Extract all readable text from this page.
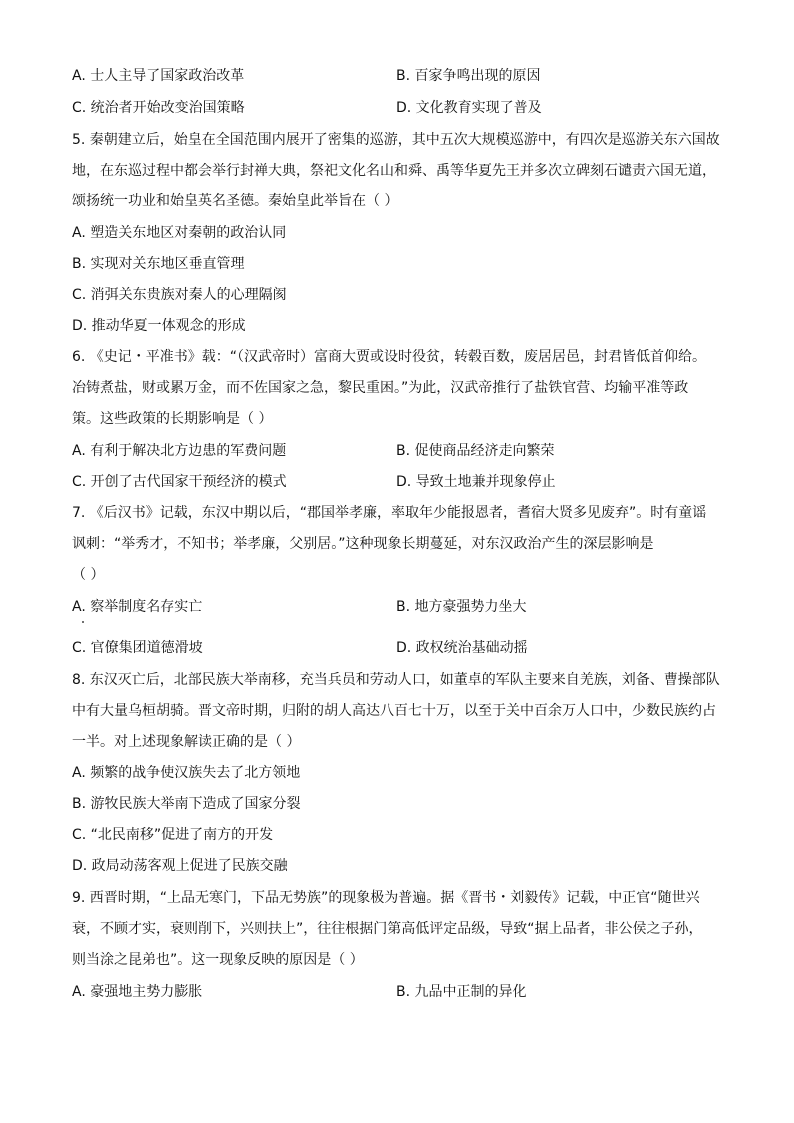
A. 士人主导了国家政治改革	B. 百家争鸣出现的原因
C. 统治者开始改变治国策略	D. 文化教育实现了普及
5. 秦朝建立后，始皇在全国范围内展开了密集的巡游，其中五次大规模巡游中，有四次是巡游关东六国故
地，在东巡过程中都会举行封禅大典，祭祀文化名山和舜、禹等华夏先王并多次立碑刻石谴责六国无道，
颂扬统一功业和始皇英名圣德。秦始皇此举旨在（ ）
A. 塑造关东地区对秦朝的政治认同
B. 实现对关东地区垂直管理
C. 消弭关东贵族对秦人的心理隔阂
D. 推动华夏一体观念的形成
6. 《史记・平准书》载：“（汉武帝时）富商大贾或设时役贫，转毂百数，废居居邑，封君皆低首仰给。
冶铸煮盐，财或累万金，而不佐国家之急，黎民重困。”为此，汉武帝推行了盐铁官营、均输平准等政
策。这些政策的长期影响是（ ）
A. 有利于解决北方边患的军费问题	B. 促使商品经济走向繁荣
C. 开创了古代国家干预经济的模式	D. 导致土地兼并现象停止
7. 《后汉书》记载，东汉中期以后，“郡国举孝廉，率取年少能报恩者，耆宿大贤多见废弃”。时有童谣
讽刺：“举秀才，不知书；举孝廉，父别居。”这种现象长期蔓延，对东汉政治产生的深层影响是
（ ）
A. 察举制度名存实亡	B. 地方豪强势力坐大
C. 官僚集团道德滑坡	D. 政权统治基础动摇
8. 东汉灭亡后，北部民族大举南移，充当兵员和劳动人口，如董卓的军队主要来自羌族，刘备、曹操部队
中有大量乌桓胡骑。晋文帝时期，归附的胡人高达八百七十万，以至于关中百余万人口中，少数民族约占
一半。对上述现象解读正确的是（ ）
A. 频繁的战争使汉族失去了北方领地
B. 游牧民族大举南下造成了国家分裂
C. “北民南移”促进了南方的开发
D. 政局动荡客观上促进了民族交融
9. 西晋时期，“上品无寒门，下品无势族”的现象极为普遍。据《晋书・刘毅传》记载，中正官“随世兴
衰，不顾才实，衰则削下，兴则扶上”，往往根据门第高低评定品级，导致“据上品者，非公侯之子孙，
则当涂之昆弟也”。这一现象反映的原因是（ ）
A. 豪强地主势力膨胀	B. 九品中正制的异化
